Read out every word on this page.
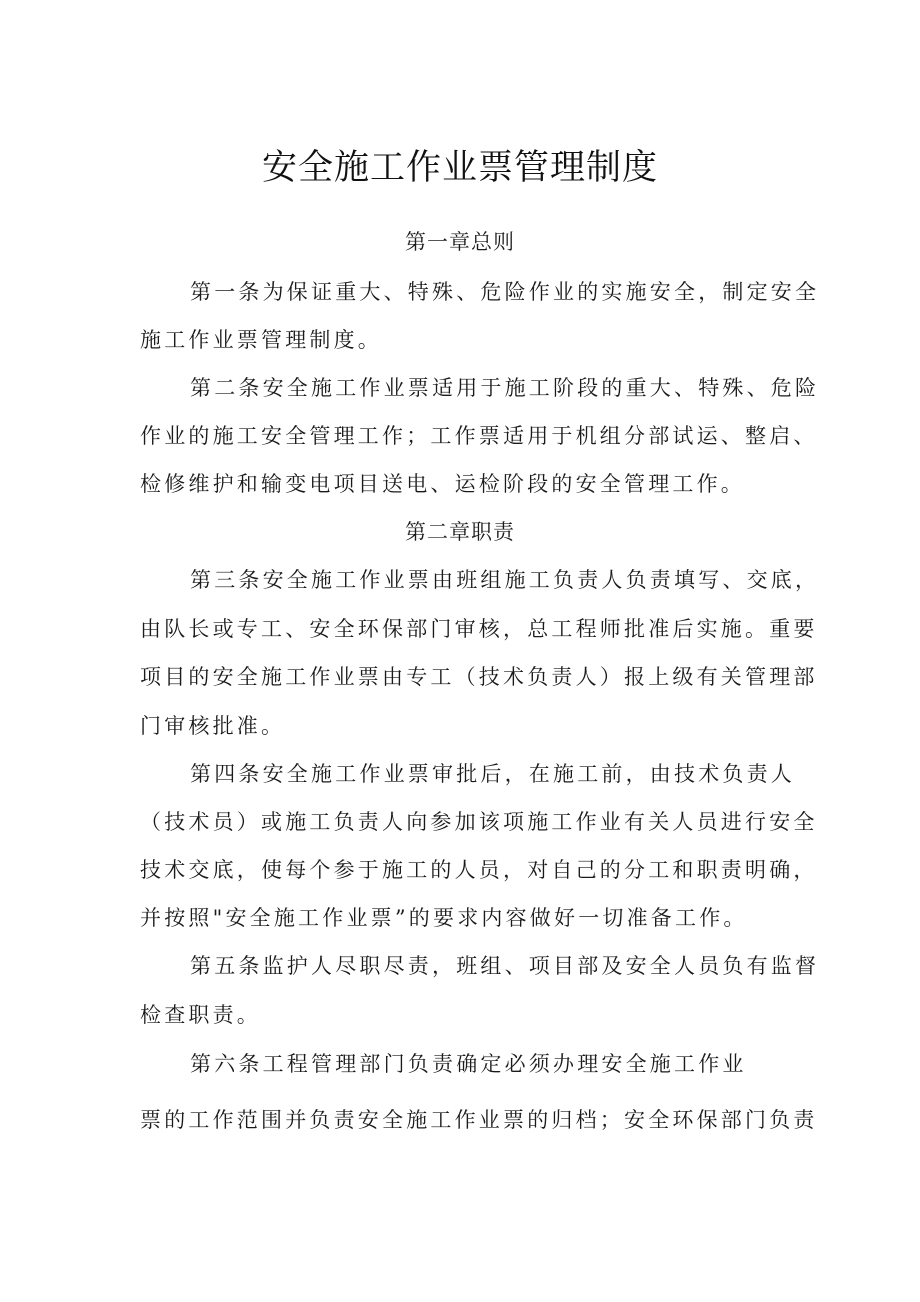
安全施工作业票管理制度
第一章总则
第一条为保证重大、特殊、危险作业的实施安全，制定安全
施工作业票管理制度。
第二条安全施工作业票适用于施工阶段的重大、特殊、危险
作业的施工安全管理工作；工作票适用于机组分部试运、整启、
检修维护和输变电项目送电、运检阶段的安全管理工作。
第二章职责
第三条安全施工作业票由班组施工负责人负责填写、交底，
由队长或专工、安全环保部门审核，总工程师批准后实施。重要
项目的安全施工作业票由专工（技术负责人）报上级有关管理部
门审核批准。
第四条安全施工作业票审批后，在施工前，由技术负责人
（技术员）或施工负责人向参加该项施工作业有关人员进行安全
技术交底，使每个参于施工的人员，对自己的分工和职责明确，
并按照"安全施工作业票”的要求内容做好一切准备工作。
第五条监护人尽职尽责，班组、项目部及安全人员负有监督
检查职责。
第六条工程管理部门负责确定必须办理安全施工作业
票的工作范围并负责安全施工作业票的归档；安全环保部门负责
